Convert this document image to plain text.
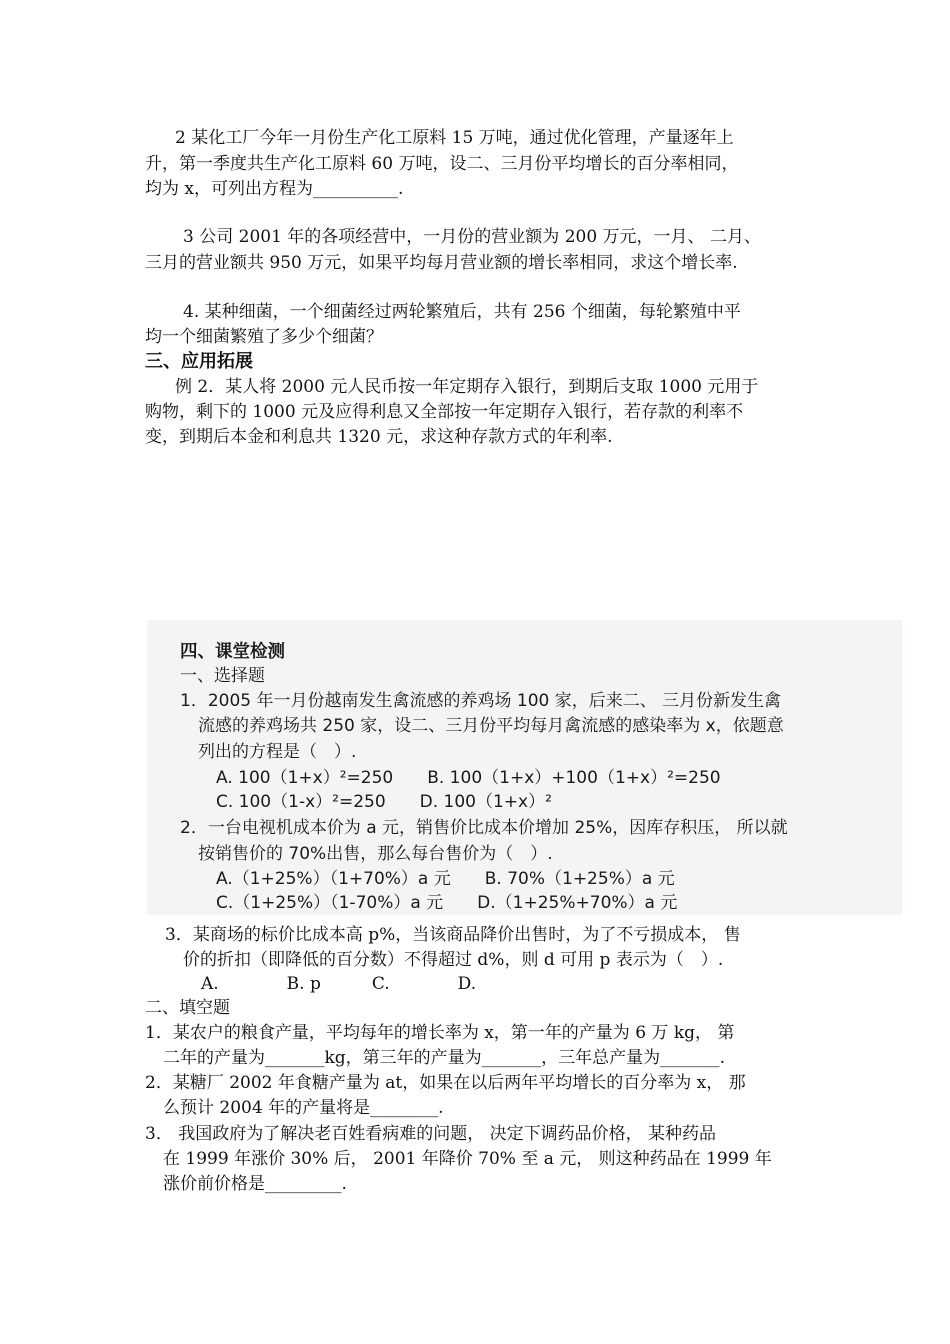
2 某化工厂今年一月份生产化工原料 15 万吨，通过优化管理，产量逐年上
升，第一季度共生产化工原料 60 万吨，设二、三月份平均增长的百分率相同，
均为 x，可列出方程为__________.
3 公司 2001 年的各项经营中，一月份的营业额为 200 万元，一月、 二月、
三月的营业额共 950 万元，如果平均每月营业额的增长率相同，求这个增长率.
4. 某种细菌，一个细菌经过两轮繁殖后，共有 256 个细菌，每轮繁殖中平
均一个细菌繁殖了多少个细菌？
三、应用拓展
例 2．某人将 2000 元人民币按一年定期存入银行，到期后支取 1000 元用于
购物，剩下的 1000 元及应得利息又全部按一年定期存入银行，若存款的利率不
变，到期后本金和利息共 1320 元，求这种存款方式的年利率.
四、课堂检测
一、选择题
1．2005 年一月份越南发生禽流感的养鸡场 100 家，后来二、 三月份新发生禽
流感的养鸡场共 250 家，设二、三月份平均每月禽流感的感染率为 x，依题意
列出的方程是（　）.
A. 100（1+x）²=250　　B. 100（1+x）+100（1+x）²=250
C. 100（1-x）²=250　　D. 100（1+x）²
2．一台电视机成本价为 a 元，销售价比成本价增加 25%，因库存积压， 所以就
按销售价的 70%出售，那么每台售价为（　）.
A.（1+25%）（1+70%）a 元　　B. 70%（1+25%）a 元
C.（1+25%）（1-70%）a 元　　D.（1+25%+70%）a 元
3．某商场的标价比成本高 p%，当该商品降价出售时，为了不亏损成本， 售
价的折扣（即降低的百分数）不得超过 d%，则 d 可用 p 表示为（　）.
A.　　　　B. p　　　C.　　　　D.
二、填空题
1．某农户的粮食产量，平均每年的增长率为 x，第一年的产量为 6 万 kg， 第
二年的产量为_______kg，第三年的产量为_______，三年总产量为_______.
2．某糖厂 2002 年食糖产量为 at，如果在以后两年平均增长的百分率为 x， 那
么预计 2004 年的产量将是________.
3． 我国政府为了解决老百姓看病难的问题， 决定下调药品价格， 某种药品
在 1999 年涨价 30% 后， 2001 年降价 70% 至 a 元， 则这种药品在 1999 年
涨价前价格是_________.
